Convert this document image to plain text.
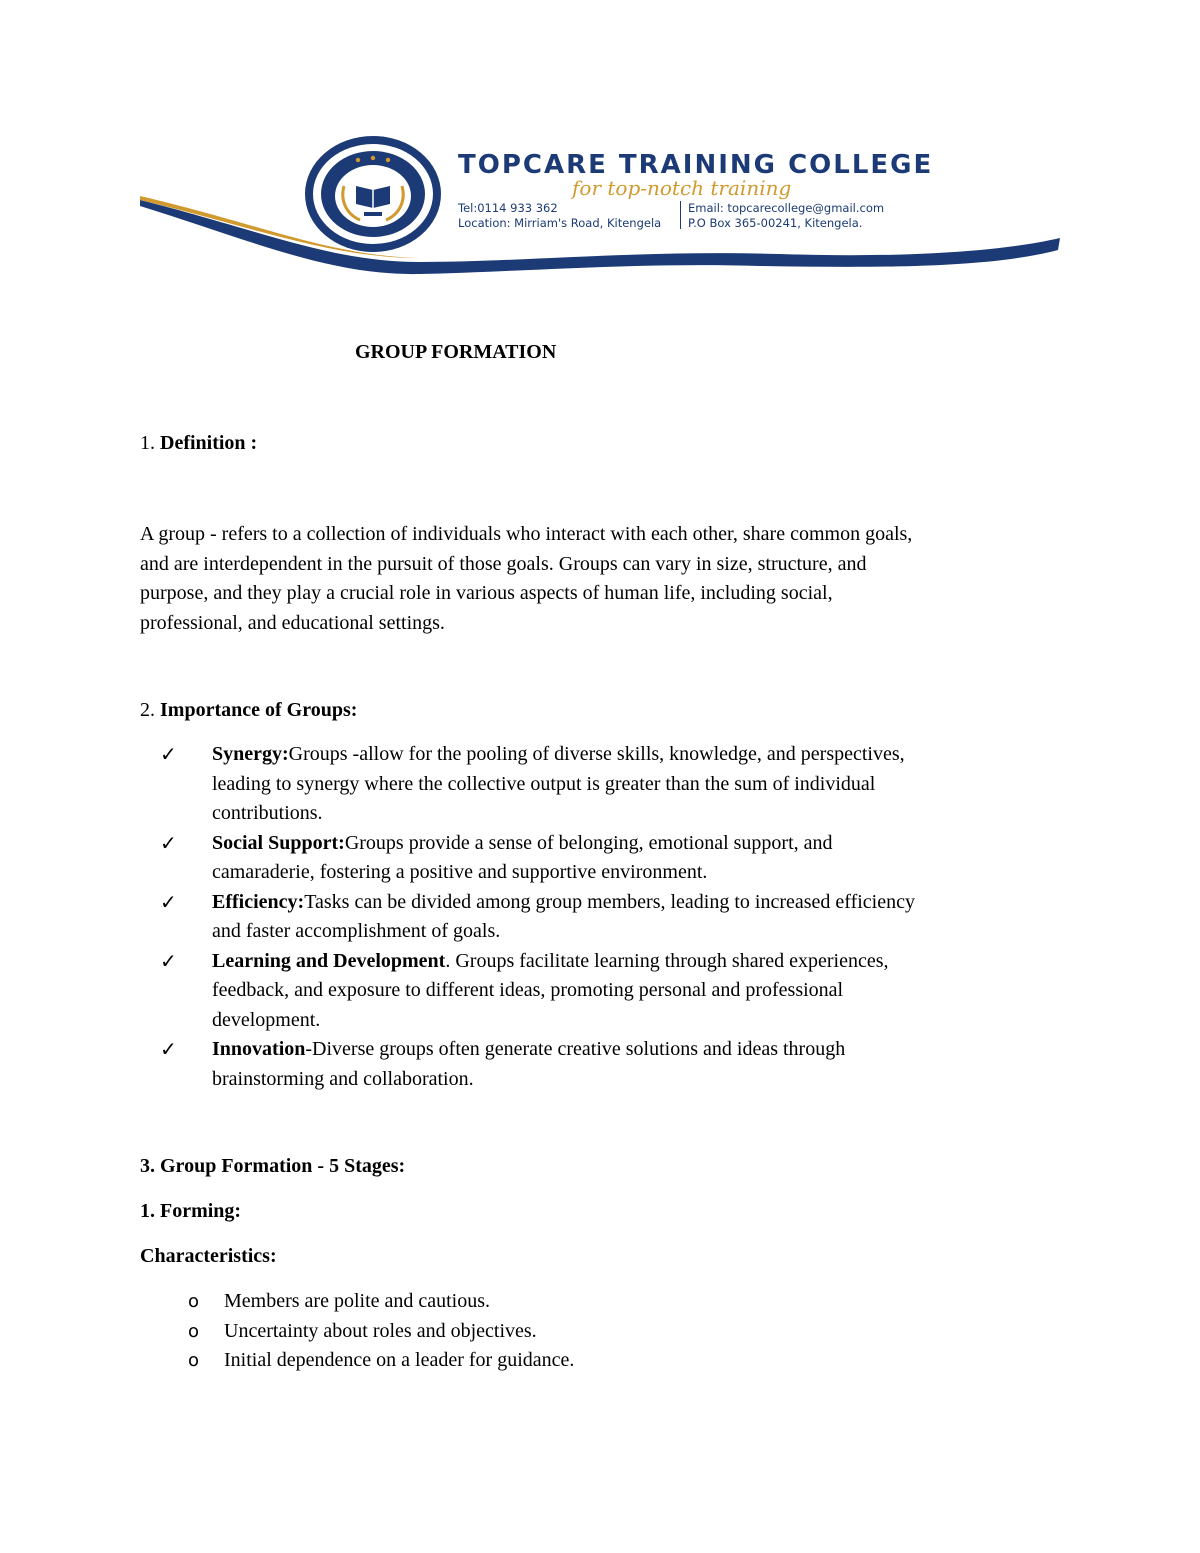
TOPCARE TRAINING COLLEGE
for top-notch training
Tel:0114 933 362
Location: Mirriam's Road, Kitengela
Email: topcarecollege@gmail.com
P.O Box 365-00241, Kitengela.
GROUP FORMATION
1. Definition :
A group - refers to a collection of individuals who interact with each other, share common goals,
and are interdependent in the pursuit of those goals. Groups can vary in size, structure, and
purpose, and they play a crucial role in various aspects of human life, including social,
professional, and educational settings.
2. Importance of Groups:
✓ Synergy:Groups -allow for the pooling of diverse skills, knowledge, and perspectives,
leading to synergy where the collective output is greater than the sum of individual
contributions.
✓ Social Support:Groups provide a sense of belonging, emotional support, and
camaraderie, fostering a positive and supportive environment.
✓ Efficiency:Tasks can be divided among group members, leading to increased efficiency
and faster accomplishment of goals.
✓ Learning and Development. Groups facilitate learning through shared experiences,
feedback, and exposure to different ideas, promoting personal and professional
development.
✓ Innovation-Diverse groups often generate creative solutions and ideas through
brainstorming and collaboration.
3. Group Formation - 5 Stages:
1. Forming:
Characteristics:
o Members are polite and cautious.
o Uncertainty about roles and objectives.
o Initial dependence on a leader for guidance.
